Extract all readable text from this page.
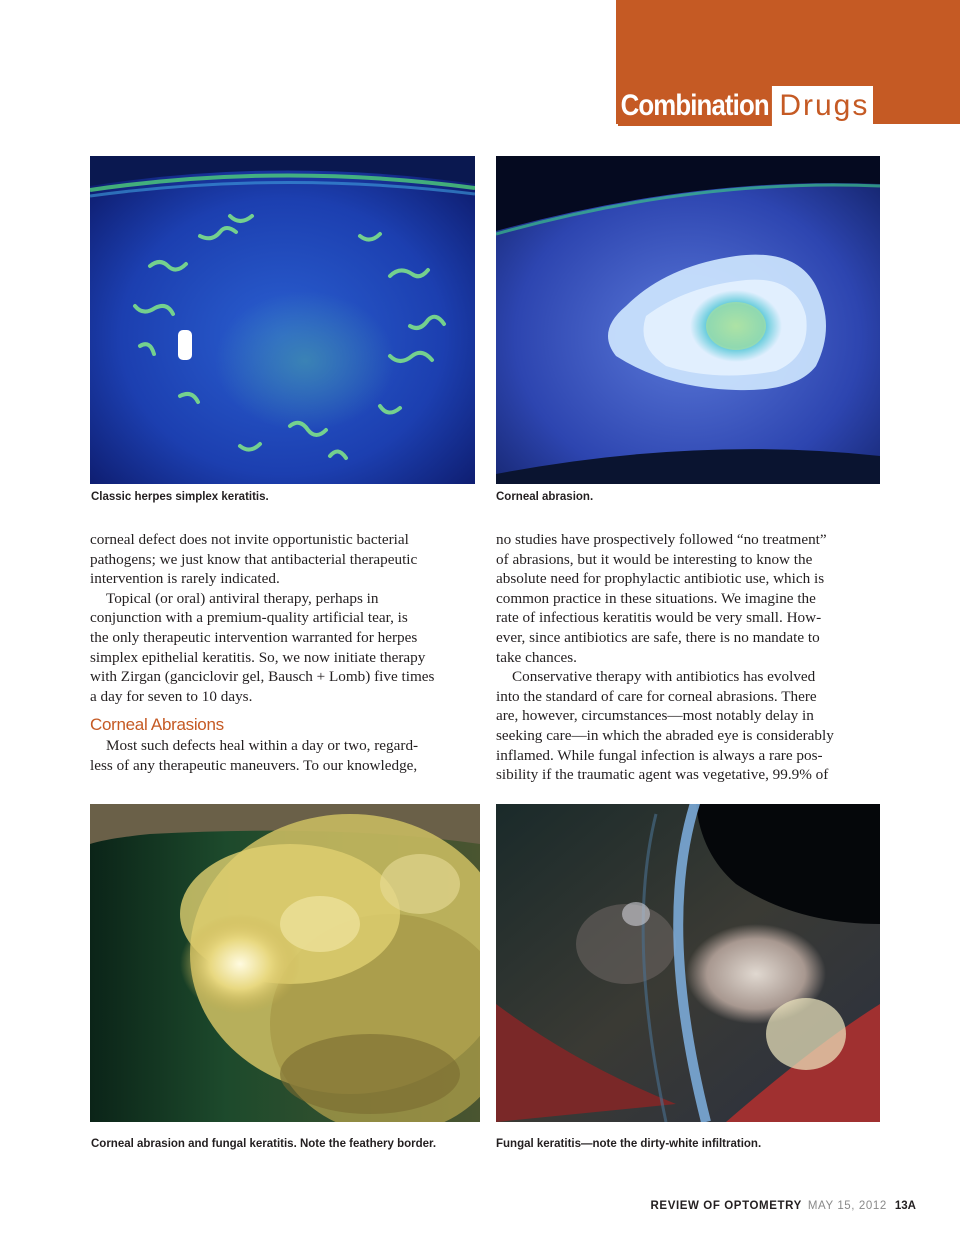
Combination Drugs
Classic herpes simplex keratitis.	Corneal abrasion.

corneal defect does not invite opportunistic bacterial
pathogens; we just know that antibacterial therapeutic
intervention is rarely indicated.

Topical (or oral) antiviral therapy, perhaps in
conjunction with a premium-quality artificial tear, is
the only therapeutic intervention warranted for herpes
simplex epithelial keratitis. So, we now initiate therapy
with Zirgan (ganciclovir gel, Bausch + Lomb) five times
a day for seven to 10 days.

Corneal Abrasions

Most such defects heal within a day or two, regard-
less of any therapeutic maneuvers. To our knowledge,

no studies have prospectively followed “no treatment”
of abrasions, but it would be interesting to know the
absolute need for prophylactic antibiotic use, which is
common practice in these situations. We imagine the
rate of infectious keratitis would be very small. How-
ever, since antibiotics are safe, there is no mandate to
take chances.

Conservative therapy with antibiotics has evolved
into the standard of care for corneal abrasions. There
are, however, circumstances—most notably delay in
seeking care—in which the abraded eye is considerably
inflamed. While fungal infection is always a rare pos-
sibility if the traumatic agent was vegetative, 99.9% of

Corneal abrasion and fungal keratitis. Note the feathery border.	Fungal keratitis—note the dirty-white infiltration.
REVIEW OF OPTOMETRY MAY 15, 2012 13A
